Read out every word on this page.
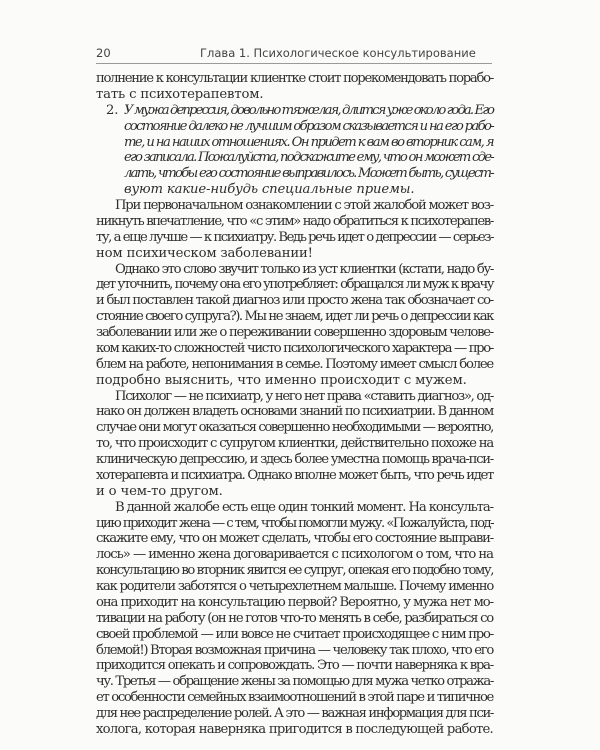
20	Глава 1. Психологическое консультирование

полнение к консультации клиентке стоит порекомендовать порабо-
тать с психотерапевтом.

2. У мужа депрессия, довольно тяжелая, длится уже около года. Его
состояние далеко не лучшим образом сказывается и на его рабо-
те, и на наших отношениях. Он придет к вам во вторник сам, я
его записала. Пожалуйста, подскажите ему, что он может сде-
лать, чтобы его состояние выправилось. Может быть, сущест-
вуют какие-нибудь специальные приемы.

При первоначальном ознакомлении с этой жалобой может воз-
никнуть впечатление, что «с этим» надо обратиться к психотерапев-
ту, а еще лучше — к психиатру. Ведь речь идет о депрессии — серьез-
ном психическом заболевании!

Однако это слово звучит только из уст клиентки (кстати, надо бу-
дет уточнить, почему она его употребляет: обращался ли муж к врачу
и был поставлен такой диагноз или просто жена так обозначает со-
стояние своего супруга?). Мы не знаем, идет ли речь о депрессии как
заболевании или же о переживании совершенно здоровым челове-
ком каких-то сложностей чисто психологического характера — про-
блем на работе, непонимания в семье. Поэтому имеет смысл более
подробно выяснить, что именно происходит с мужем.

Психолог — не психиатр, у него нет права «ставить диагноз», од-
нако он должен владеть основами знаний по психиатрии. В данном
случае они могут оказаться совершенно необходимыми — вероятно,
то, что происходит с супругом клиентки, действительно похоже на
клиническую депрессию, и здесь более уместна помощь врача-пси-
хотерапевта и психиатра. Однако вполне может быть, что речь идет
и о чем-то другом.

В данной жалобе есть еще один тонкий момент. На консульта-
цию приходит жена — с тем, чтобы помогли мужу. «Пожалуйста, под-
скажите ему, что он может сделать, чтобы его состояние выправи-
лось» — именно жена договаривается с психологом о том, что на
консультацию во вторник явится ее супруг, опекая его подобно тому,
как родители заботятся о четырехлетнем малыше. Почему именно
она приходит на консультацию первой? Вероятно, у мужа нет мо-
тивации на работу (он не готов что-то менять в себе, разбираться со
своей проблемой — или вовсе не считает происходящее с ним про-
блемой!) Вторая возможная причина — человеку так плохо, что его
приходится опекать и сопровождать. Это — почти наверняка к вра-
чу. Третья — обращение жены за помощью для мужа четко отража-
ет особенности семейных взаимоотношений в этой паре и типичное
для нее распределение ролей. А это — важная информация для пси-
холога, которая наверняка пригодится в последующей работе.
